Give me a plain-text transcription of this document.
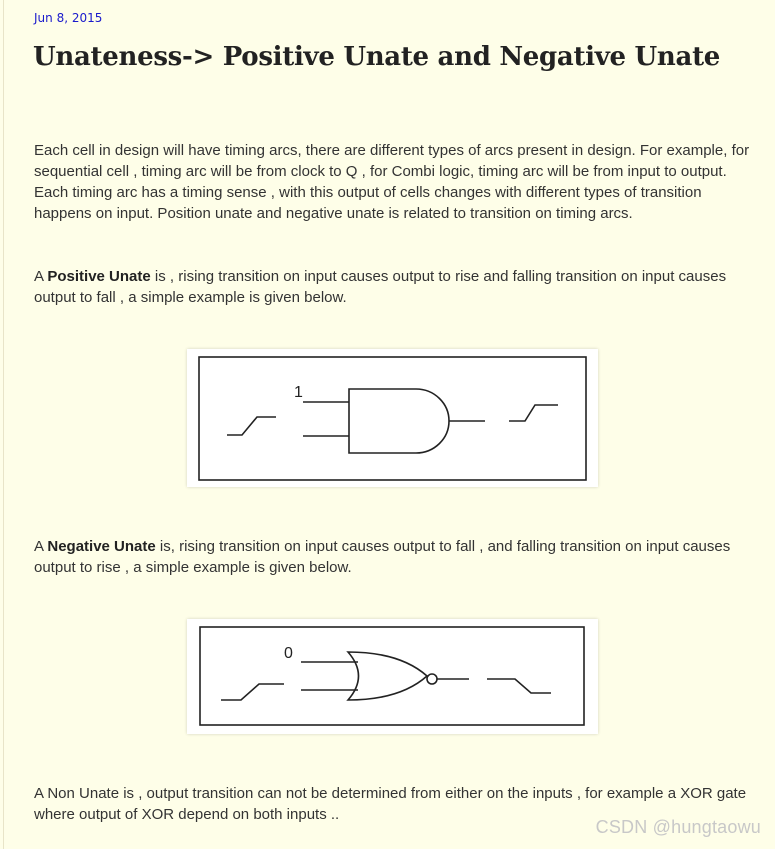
Jun 8, 2015
Unateness-> Positive Unate and Negative Unate

Each cell in design will have timing arcs, there are different types of arcs present in design. For example, for sequential cell , timing arc will be from clock to Q , for Combi logic, timing arc will be from input to output.
Each timing arc has a timing sense , with this output of cells changes with different types of transition happens on input. Position unate and negative unate is related to transition on timing arcs.

A Positive Unate is , rising transition on input causes output to rise and falling transition on input causes output to fall , a simple example is given below.

1

A Negative Unate is, rising transition on input causes output to fall , and falling transition on input causes output to rise , a simple example is given below.

0

A Non Unate is , output transition can not be determined from either on the inputs , for example a XOR gate where output of XOR depend on both inputs ..

CSDN @hungtaowu
